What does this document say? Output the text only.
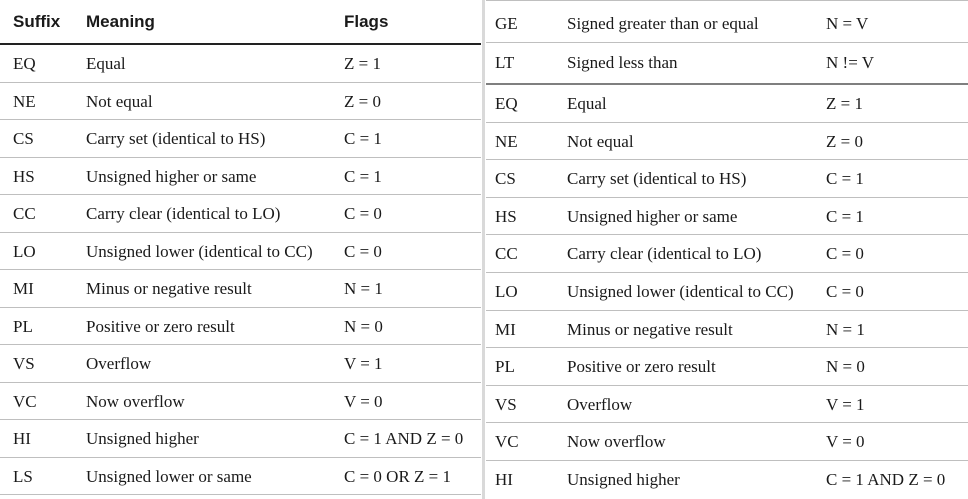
Suffix Meaning	Flags
EQ	Equal	Z = 1
NE	Not equal	Z = 0
CS	Carry set (identical to HS)	C = 1
HS	Unsigned higher or same	C = 1
CC	Carry clear (identical to LO)	C = 0
LO	Unsigned lower (identical to CC) C = 0
MI	Minus or negative result	N = 1
PL	Positive or zero result	N = 0
VS	Overflow	V = 1
VC	Now overflow	V = 0
HI	Unsigned higher	C = 1 AND Z = 0
LS	Unsigned lower or same	C = 0 OR Z = 1
GE	Signed greater than or equal	N = V
LT	Signed less than	N != V
EQ	Equal	Z = 1
NE	Not equal	Z = 0
CS	Carry set (identical to HS)	C = 1
HS	Unsigned higher or same	C = 1
CC	Carry clear (identical to LO)	C = 0
LO	Unsigned lower (identical to CC) C = 0
MI	Minus or negative result	N = 1
PL	Positive or zero result	N = 0
VS	Overflow	V = 1
VC	Now overflow	V = 0
HI	Unsigned higher	C = 1 AND Z = 0
